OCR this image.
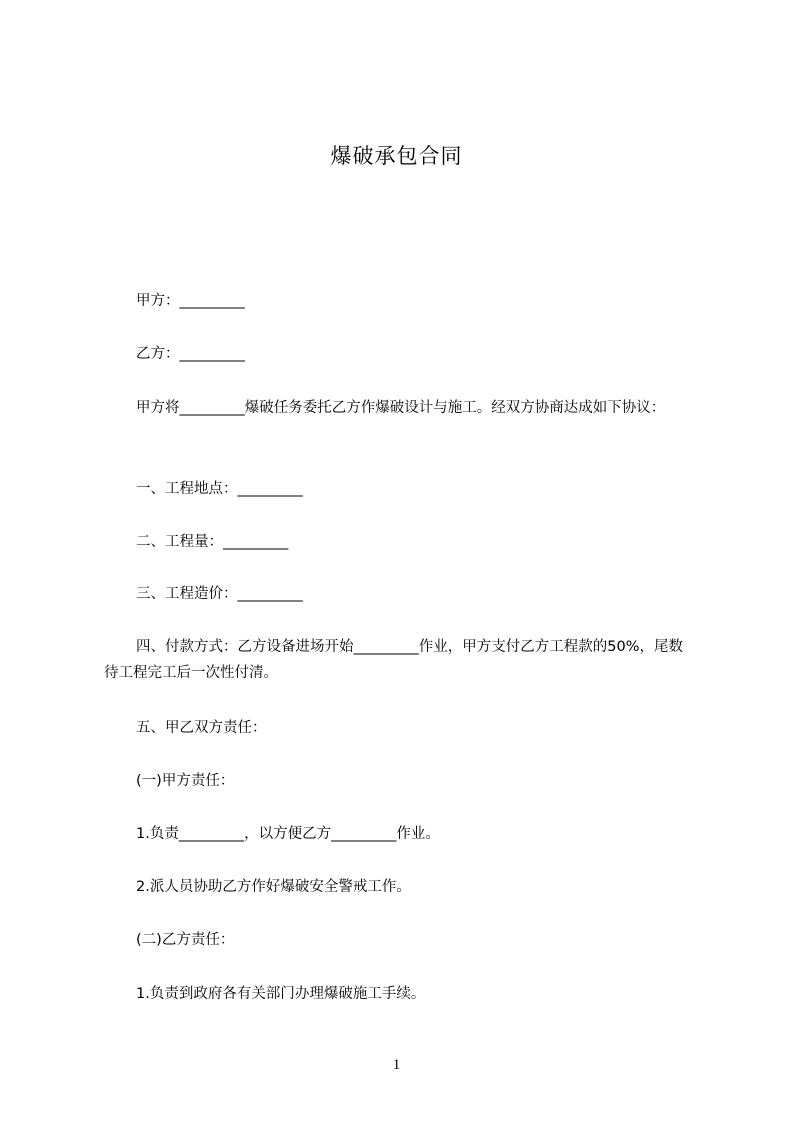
爆破承包合同
甲方：_________
乙方：_________
甲方将_________爆破任务委托乙方作爆破设计与施工。经双方协商达成如下协议：
一、工程地点：_________
二、工程量：_________
三、工程造价：_________
四、付款方式：乙方设备进场开始_________作业，甲方支付乙方工程款的50%，尾数待工程完工后一次性付清。
五、甲乙双方责任：
(一)甲方责任：
1.负责_________，以方便乙方_________作业。
2.派人员协助乙方作好爆破安全警戒工作。
(二)乙方责任：
1.负责到政府各有关部门办理爆破施工手续。
1
